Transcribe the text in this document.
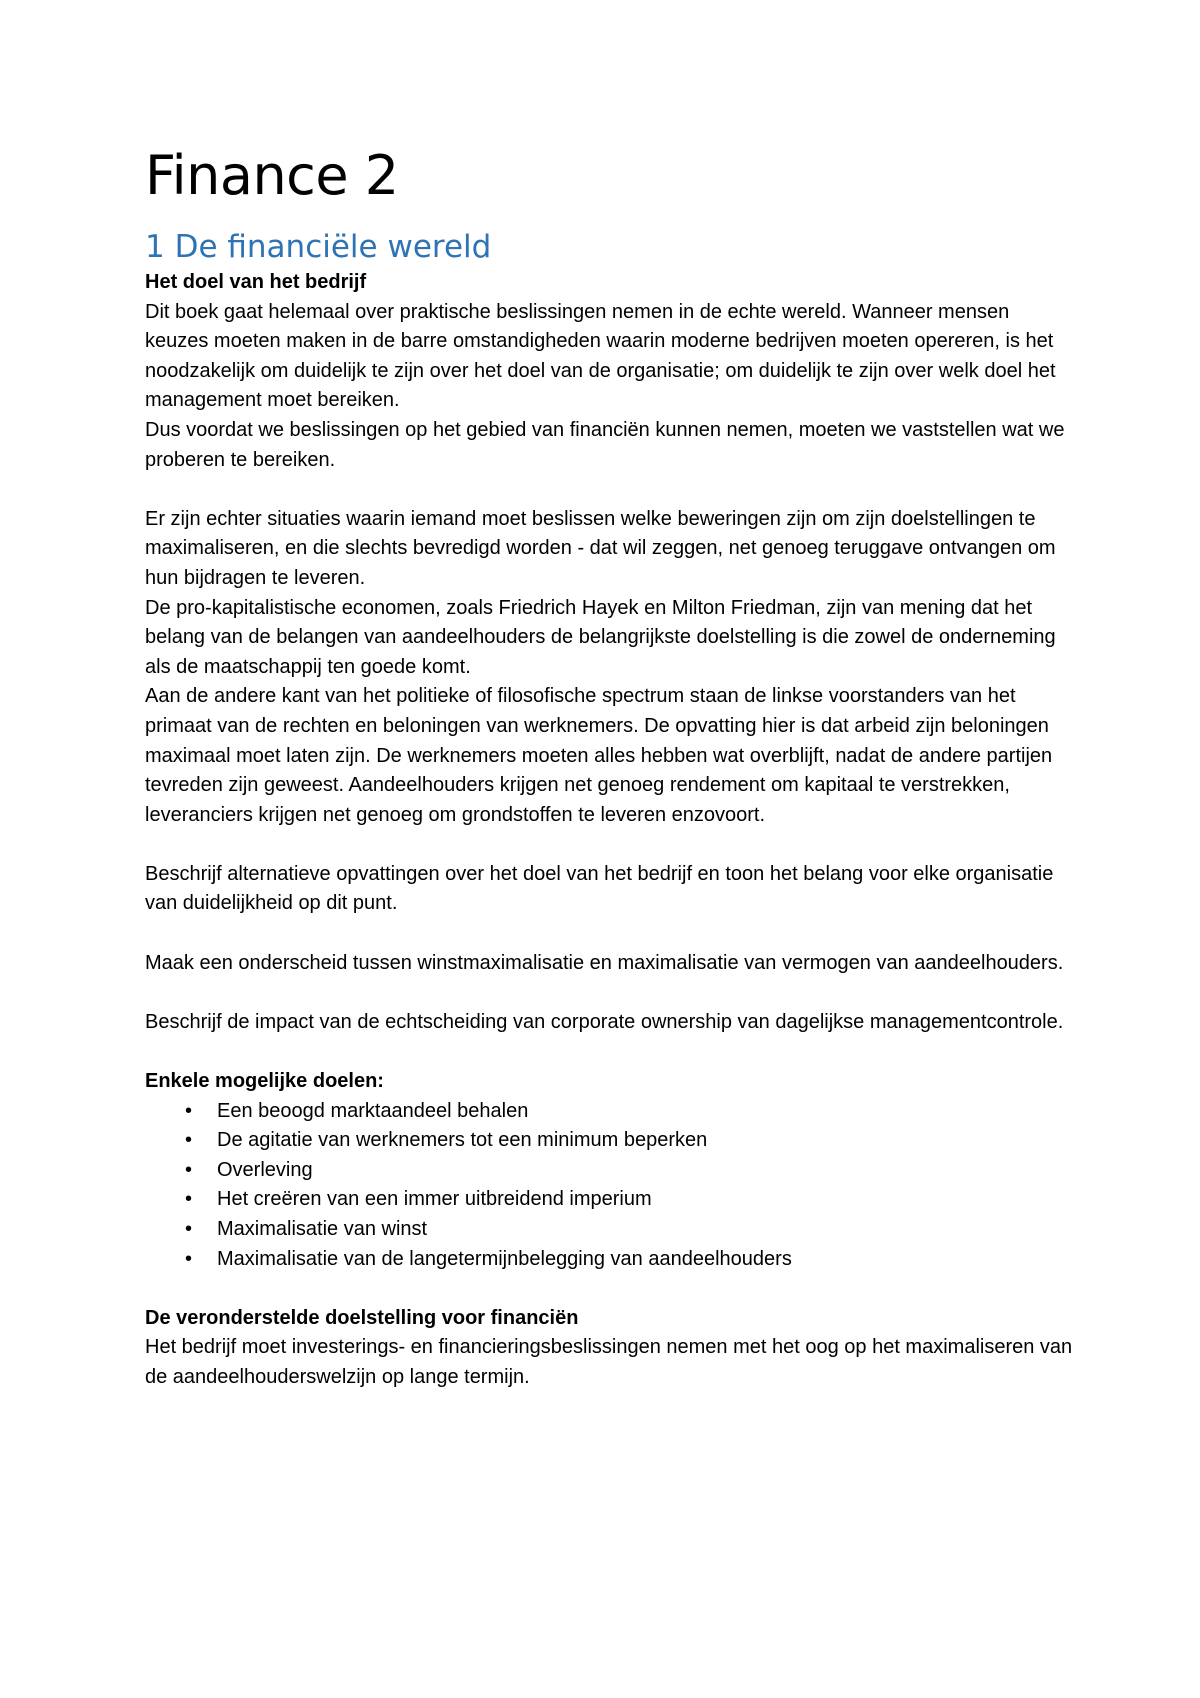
Finance 2
1 De financiële wereld
Het doel van het bedrijf

Dit boek gaat helemaal over praktische beslissingen nemen in de echte wereld. Wanneer mensen keuzes moeten maken in de barre omstandigheden waarin moderne bedrijven moeten opereren, is het noodzakelijk om duidelijk te zijn over het doel van de organisatie; om duidelijk te zijn over welk doel het management moet bereiken.

Dus voordat we beslissingen op het gebied van financiën kunnen nemen, moeten we vaststellen wat we proberen te bereiken.

Er zijn echter situaties waarin iemand moet beslissen welke beweringen zijn om zijn doelstellingen te maximaliseren, en die slechts bevredigd worden - dat wil zeggen, net genoeg teruggave ontvangen om hun bijdragen te leveren.

De pro-kapitalistische economen, zoals Friedrich Hayek en Milton Friedman, zijn van mening dat het belang van de belangen van aandeelhouders de belangrijkste doelstelling is die zowel de onderneming als de maatschappij ten goede komt.

Aan de andere kant van het politieke of filosofische spectrum staan de linkse voorstanders van het primaat van de rechten en beloningen van werknemers. De opvatting hier is dat arbeid zijn beloningen maximaal moet laten zijn. De werknemers moeten alles hebben wat overblijft, nadat de andere partijen tevreden zijn geweest. Aandeelhouders krijgen net genoeg rendement om kapitaal te verstrekken, leveranciers krijgen net genoeg om grondstoffen te leveren enzovoort.

Beschrijf alternatieve opvattingen over het doel van het bedrijf en toon het belang voor elke organisatie van duidelijkheid op dit punt.

Maak een onderscheid tussen winstmaximalisatie en maximalisatie van vermogen van aandeelhouders.

Beschrijf de impact van de echtscheiding van corporate ownership van dagelijkse managementcontrole.

Enkele mogelijke doelen:
• Een beoogd marktaandeel behalen
• De agitatie van werknemers tot een minimum beperken
• Overleving
• Het creëren van een immer uitbreidend imperium
• Maximalisatie van winst
• Maximalisatie van de langetermijnbelegging van aandeelhouders
De veronderstelde doelstelling voor financiën

Het bedrijf moet investerings- en financieringsbeslissingen nemen met het oog op het maximaliseren van de aandeelhouderswelzijn op lange termijn.
